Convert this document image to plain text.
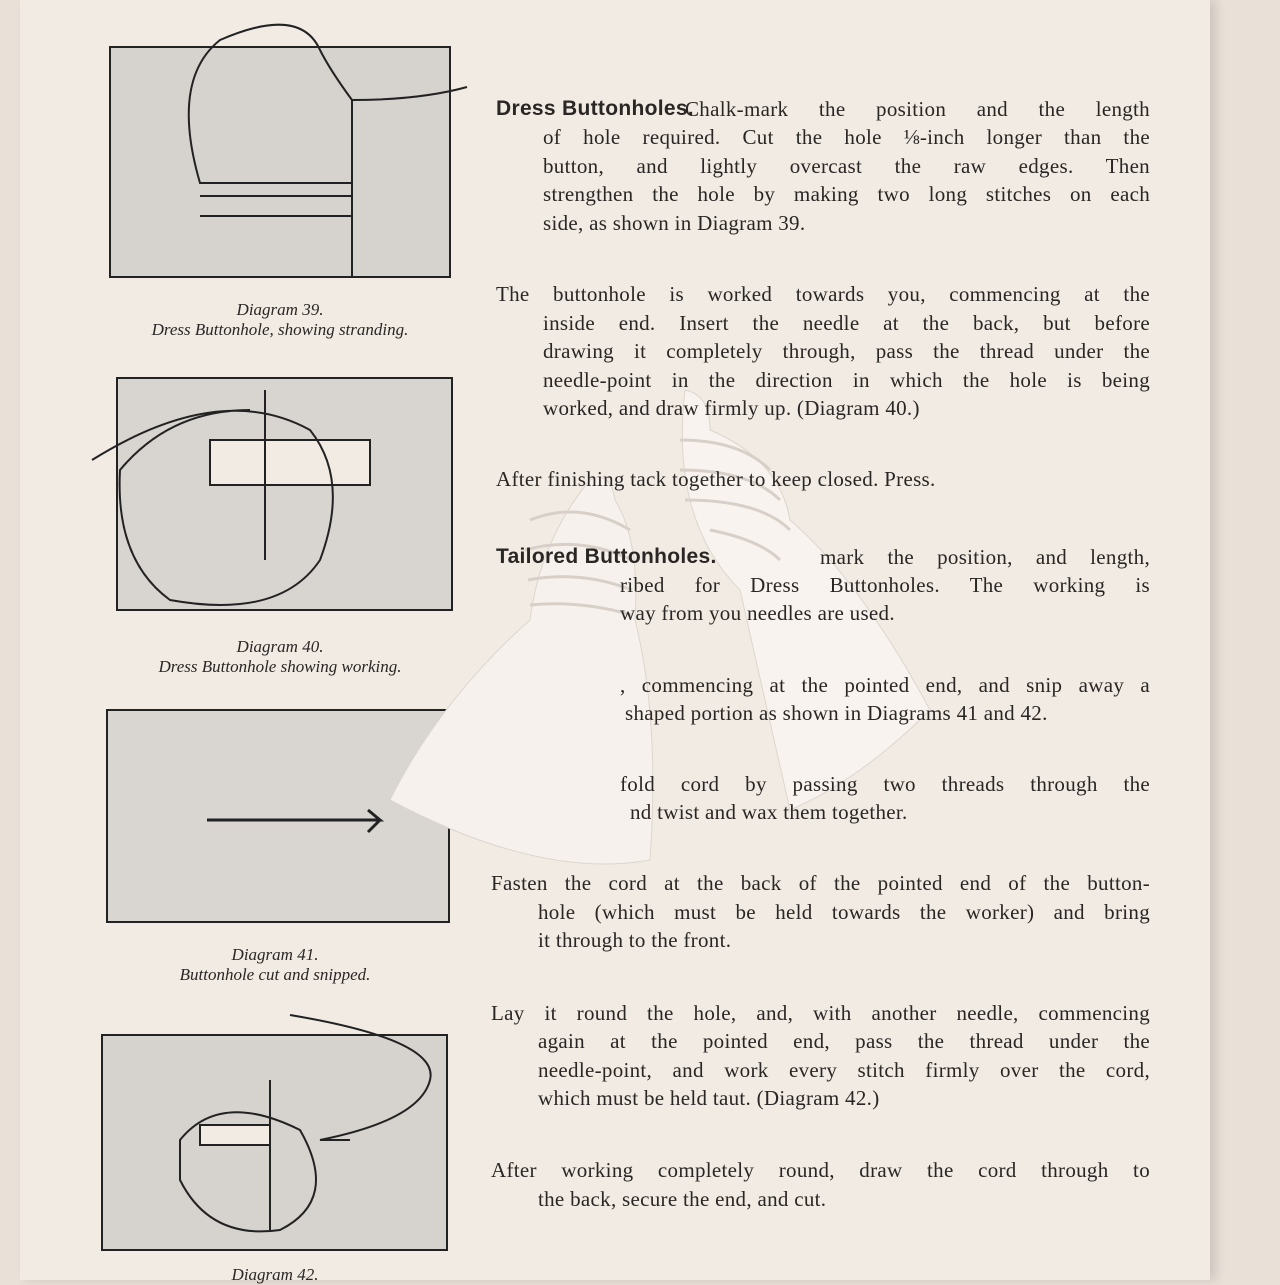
Diagram 39.
Dress Buttonhole, showing stranding.
Diagram 40.
Dress Buttonhole showing working.
Diagram 41.
Buttonhole cut and snipped.
Diagram 42.
Dress Buttonholes.
Chalk-mark the position and the length
of hole required. Cut the hole ⅛-inch longer than the
button, and lightly overcast the raw edges. Then
strengthen the hole by making two long stitches on each
side, as shown in Diagram 39.
The buttonhole is worked towards you, commencing at the
inside end. Insert the needle at the back, but before
drawing it completely through, pass the thread under the
needle-point in the direction in which the hole is being
worked, and draw firmly up. (Diagram 40.)
After finishing tack together to keep closed. Press.
Tailored Buttonholes.	mark the position, and length,
ribed for Dress Buttonholes. The working is
way from you needles are used.
, commencing at the pointed end, and snip away a
shaped portion as shown in Diagrams 41 and 42.
fold cord by passing two threads through the
nd twist and wax them together.
Fasten the cord at the back of the pointed end of the button-
hole (which must be held towards the worker) and bring
it through to the front.
Lay it round the hole, and, with another needle, commencing
again at the pointed end, pass the thread under the
needle-point, and work every stitch firmly over the cord,
which must be held taut. (Diagram 42.)
After working completely round, draw the cord through to
the back, secure the end, and cut.
